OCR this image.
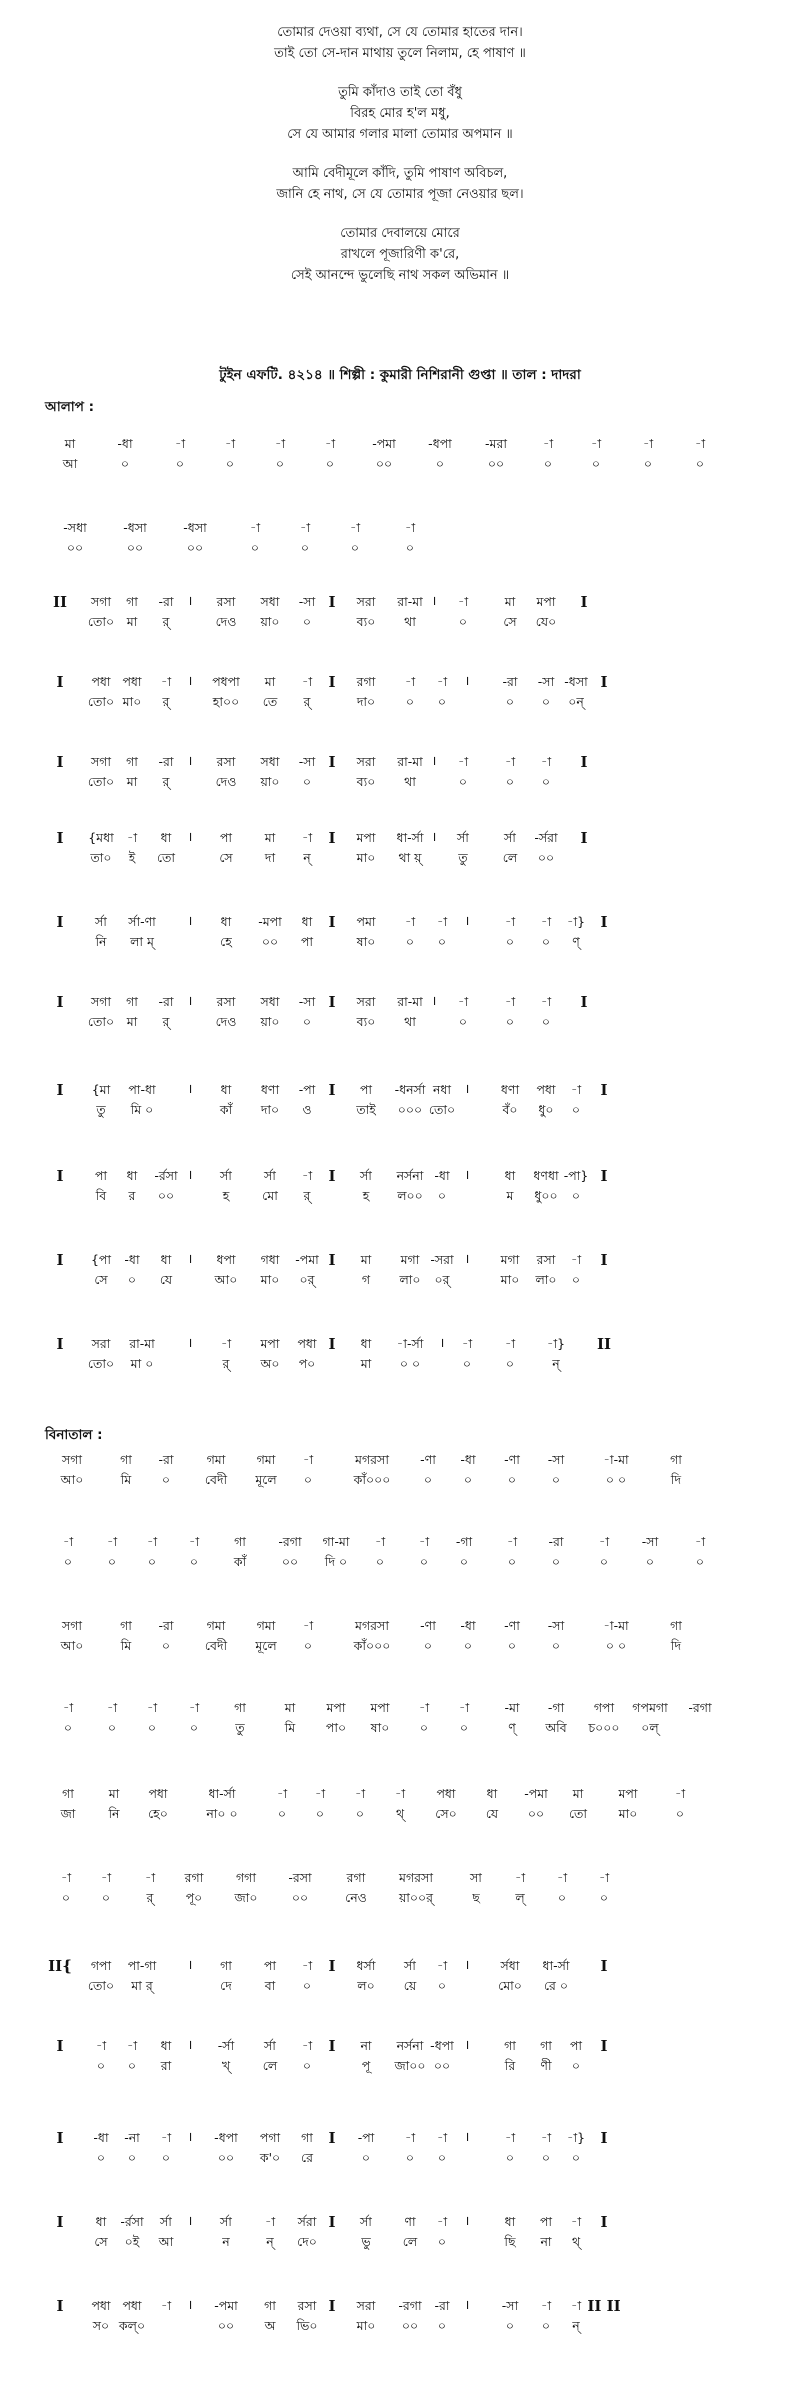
তোমার দেওয়া ব্যথা, সে যে তোমার হাতের দান।
তাই তো সে-দান মাথায় তুলে নিলাম, হে পাষাণ ॥
তুমি কাঁদাও তাই তো বঁধু
বিরহ মোর হ'ল মধু,
সে যে আমার গলার মালা তোমার অপমান ॥
আমি বেদীমূলে কাঁদি, তুমি পাষাণ অবিচল,
জানি হে নাথ, সে যে তোমার পূজা নেওয়ার ছল।
তোমার দেবালয়ে মোরে
রাখলে পূজারিণী ক'রে,
সেই আনন্দে ভুলেছি নাথ সকল অভিমান ॥
টুইন এফটি. ৪২১৪ ॥ শিল্পী : কুমারী নিশিরানী গুপ্তা ॥ তাল : দাদরা
আলাপ :
বিনাতাল :
মা	-ধা	-া	-া	-া	-া	-পমা	-ধপা	-মরা	-া	-া	-া	-া
আ	০	০	০	০	০	০০	০	০০	০	০	০	০
-সধা	-ধসা	-ধসা	-া	-া	-া	-া
০০	০০	০০	০	০	০	০
II সগা গা -রা । রসা সধা -সা I সরা রা-মা । -া	মা মপা I
তো০ মা র্	দেও য়া০ ০	ব্য০ থা	০	সে যে০
I পধা পধা -া । পধপা মা -া I রগা -া -া ।	-রা -সা -ধসা I
তো০ মা০ র্	হা০০ তে র্	দা০ ০ ০	০ ০ ০ন্
I সগা গা -রা । রসা সধা -সা I সরা রা-মা । -া	-া -া I
তো০ মা র্	দেও য়া০ ০	ব্য০ থা	০	০ ০
I {মধা -া ধা । পা	মা -া I মপা ধা-র্সা । র্সা	র্সা -র্সরা I
তা০ ই তো	সে	দা ন্	মা০ থা য়্	তু	লে ০০
I	র্সা র্সা-ণা । ধা -মপা ধা I পমা -া -া ।	-া -া -া} I
নি লা ম্	হে ০০ পা	ষা০ ০ ০	০ ০ ণ্
I সগা গা -রা । রসা সধা -সা I সরা রা-মা । -া	-া -া I
তো০ মা র্	দেও য়া০ ০	ব্য০ থা	০	০ ০
I {মা পা-ধা । ধা ধণা -পা I পা -ধনর্সা নধা ।	ধণা পধা -া I
তু মি ০	কাঁ দা০ ও	তাই ০০০ তো০	বঁ০ ধু০ ০
I	পা ধা -র্রসা । র্সা	র্সা -া I র্সা নর্সনা -ধা ।	ধা ধণধা -পা} I
বি র ০০	হ	মো র্	হ ল০০ ০	ম ধু০০ ০
I {পা -ধা ধা । ধপা গধা -পমা I মা মগা -সরা । মগা রসা -া I
সে ০ যে	আ০ মা০ ০র্	গ লা০ ০র্	মা০ লা০ ০
I সরা রা-মা	। -া মপা পধা I ধা -া-র্সা । -া	-া	-া} II
তো০ মা ০	র্ অ০ প০	মা ০ ০	০	০	ন্
সগা	গা -রা	গমা গমা -া	মগরসা -ণা -ধা -ণা -সা	-া-মা	গা
আ০	মি ০	বেদী মূলে ০	কাঁ০০০	০	০	০	০	০ ০	দি
-া	-া -া	-া	গা	-রগা গা-মা -া	-া -গা	-া	-রা	-া	-সা	-া
০	০	০	০	কাঁ	০০ দি ০ ০	০	০	০	০	০	০	০
সগা	গা -রা	গমা গমা -া	মগরসা -ণা -ধা -ণা -সা	-া-মা	গা
আ০	মি ০	বেদী মূলে ০	কাঁ০০০	০	০	০	০	০ ০	দি
-া	-া -া	-া	গা	মা মপা মপা -া -া	-মা -গা গপা গপমগা -রগা
০	০	০	০	তু	মি পা০ ষা০ ০	০	ণ্ অবি চ০০০ ০ল্
গা	মা পধা	ধা-র্সা	-া -া -া -া	পধা ধা -পমা মা	মপা	-া
জা	নি হে০	না০ ০	০ ০	০	থ্ সে০ যে ০০ তো	মা০	০
-া -া	-া রগা	গগা	-রসা	রগা	মগরসা	সা	-া	-া	-া
০	০	র্	পূ০	জা০	০০	নেও	য়া০০র্	ছ	ল্	০	০
II{ গপা পা-গা । গা	পা -া I ধর্সা র্সা -া । র্সধা ধা-র্সা I
তো০ মা র্	দে	বা ০	ল০ য়ে ০	মো০ রে ০
I	-া -া ধা । -র্সা র্সা -া I না নর্সনা -ধপা ।	গা গা পা I
০ ০ রা	খ্	লে ০	পূ জা০০ ০০	রি ণী ০
I -ধা -না -া । -ধপা পগা গা I -পা -া -া ।	-া -া -া} I
০ ০ ০	০০ ক'০ রে	০	০ ০	০ ০ ০
I	ধা -র্রসা র্সা । র্সা	-া র্সরা I র্সা	ণা -া ।	ধা পা -া I
সে ০ই আ	ন	ন্ দে০	ভু	লে ০	ছি না থ্
I পধা পধা -া । -পমা গা রসা I সরা -রগা -রা ।	-সা -া -া II II
স০ কল্০	০০ অ ভি০	মা০ ০০ ০	০ ০ ন্
